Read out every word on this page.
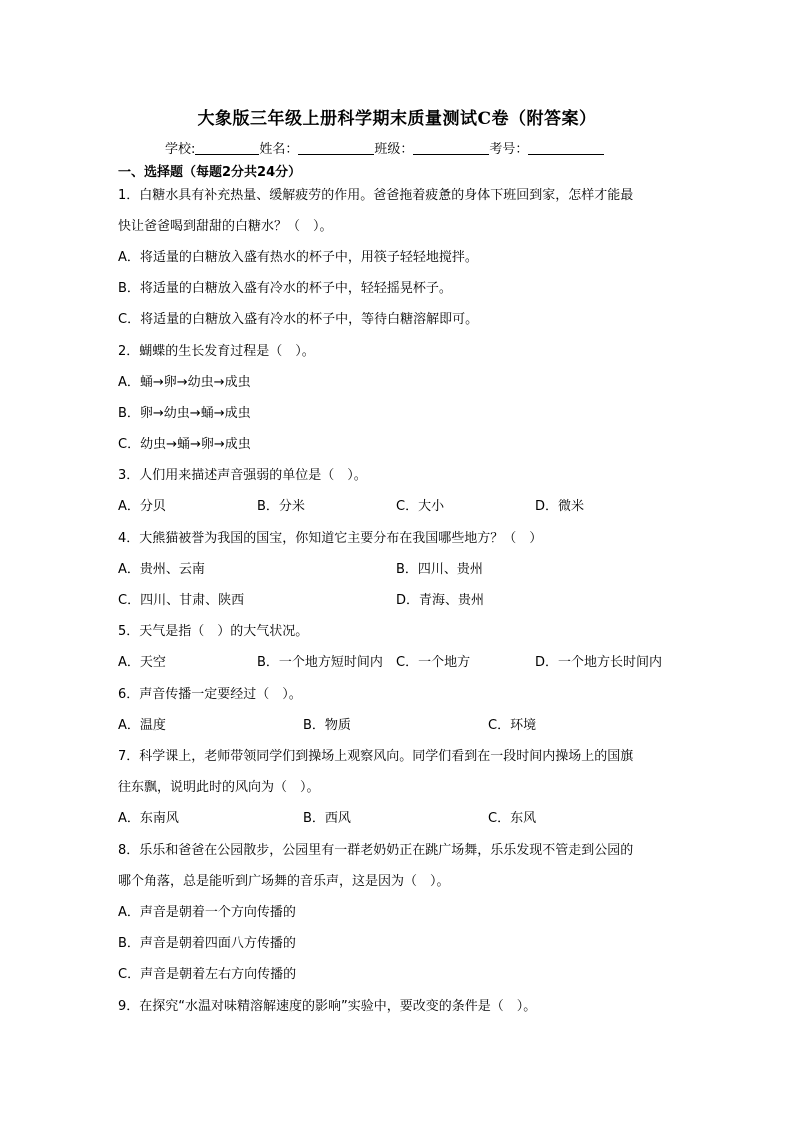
大象版三年级上册科学期末质量测试C卷（附答案）
学校:	姓名：	班级：	考号：
一、选择题（每题2分共24分）
1．白糖水具有补充热量、缓解疲劳的作用。爸爸拖着疲惫的身体下班回到家，怎样才能最
快让爸爸喝到甜甜的白糖水？（　）。
A．将适量的白糖放入盛有热水的杯子中，用筷子轻轻地搅拌。
B．将适量的白糖放入盛有冷水的杯子中，轻轻摇晃杯子。
C．将适量的白糖放入盛有冷水的杯子中，等待白糖溶解即可。
2．蝴蝶的生长发育过程是（　）。
A．蛹→卵→幼虫→成虫
B．卵→幼虫→蛹→成虫
C．幼虫→蛹→卵→成虫
3．人们用来描述声音强弱的单位是（　）。
A．分贝	B．分米	C．大小	D．微米
4．大熊猫被誉为我国的国宝，你知道它主要分布在我国哪些地方？（　）
A．贵州、云南	B．四川、贵州
C．四川、甘肃、陕西	D．青海、贵州
5．天气是指（　）的大气状况。
A．天空	B．一个地方短时间内 C．一个地方	D．一个地方长时间内
6．声音传播一定要经过（　）。
A．温度	B．物质	C．环境
7．科学课上，老师带领同学们到操场上观察风向。同学们看到在一段时间内操场上的国旗
往东飘，说明此时的风向为（　）。
A．东南风	B．西风	C．东风
8．乐乐和爸爸在公园散步，公园里有一群老奶奶正在跳广场舞，乐乐发现不管走到公园的
哪个角落，总是能听到广场舞的音乐声，这是因为（　）。
A．声音是朝着一个方向传播的
B．声音是朝着四面八方传播的
C．声音是朝着左右方向传播的
9．在探究“水温对味精溶解速度的影响”实验中，要改变的条件是（　）。
